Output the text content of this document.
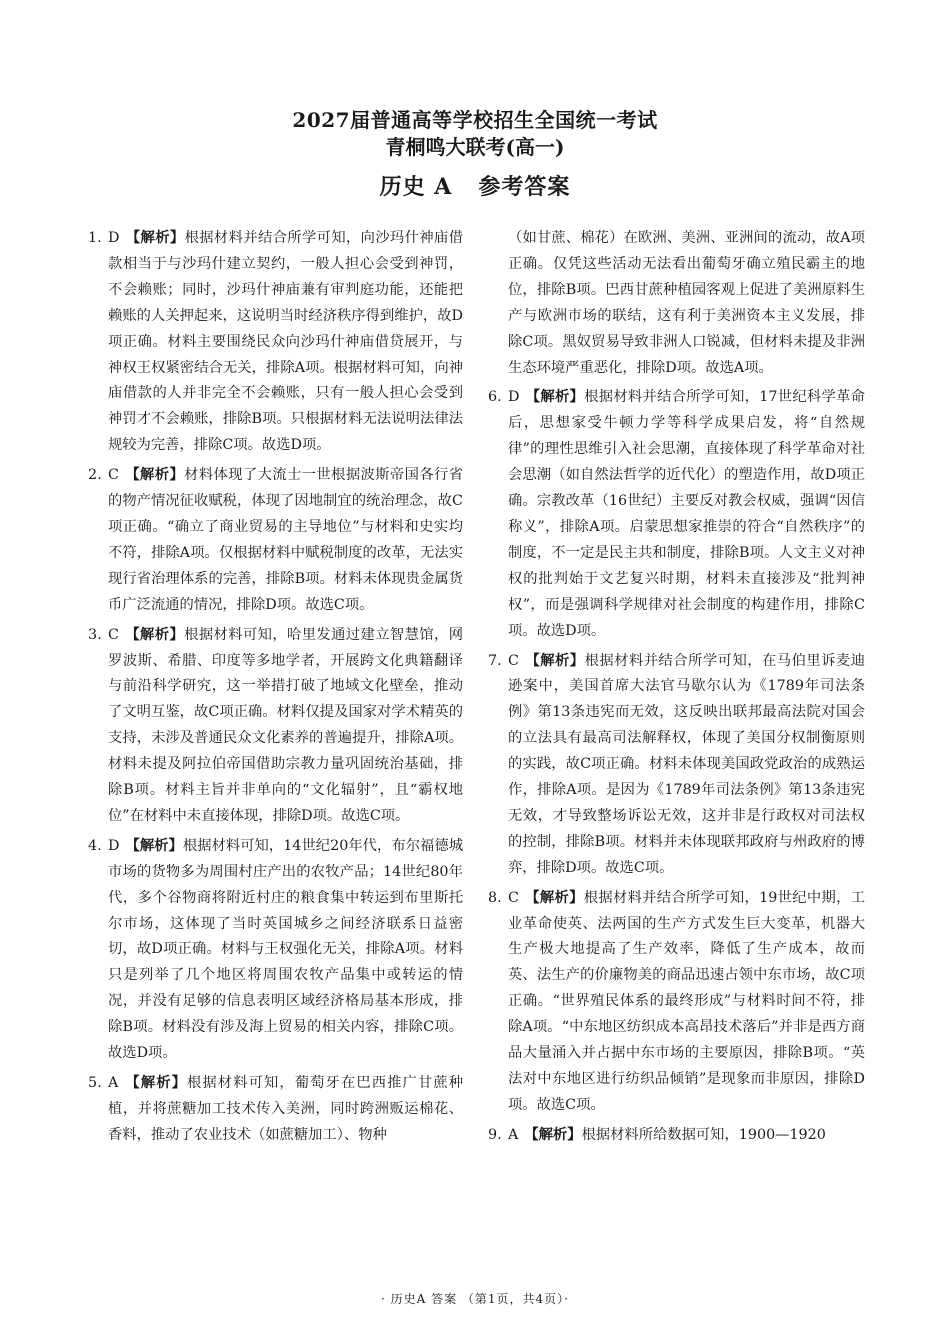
2027届普通高等学校招生全国统一考试
青桐鸣大联考(高一)
历史 A 参考答案
1. D 【解析】根据材料并结合所学可知，向沙玛什神庙借款相当于与沙玛什建立契约，一般人担心会受到神罚，不会赖账；同时，沙玛什神庙兼有审判庭功能，还能把赖账的人关押起来，这说明当时经济秩序得到维护，故D项正确。材料主要围绕民众向沙玛什神庙借贷展开，与神权王权紧密结合无关，排除A项。根据材料可知，向神庙借款的人并非完全不会赖账，只有一般人担心会受到神罚才不会赖账，排除B项。只根据材料无法说明法律法规较为完善，排除C项。故选D项。
2. C 【解析】材料体现了大流士一世根据波斯帝国各行省的物产情况征收赋税，体现了因地制宜的统治理念，故C项正确。“确立了商业贸易的主导地位”与材料和史实均不符，排除A项。仅根据材料中赋税制度的改革，无法实现行省治理体系的完善，排除B项。材料未体现贵金属货币广泛流通的情况，排除D项。故选C项。
3. C 【解析】根据材料可知，哈里发通过建立智慧馆，网罗波斯、希腊、印度等多地学者，开展跨文化典籍翻译与前沿科学研究，这一举措打破了地域文化壁垒，推动了文明互鉴，故C项正确。材料仅提及国家对学术精英的支持，未涉及普通民众文化素养的普遍提升，排除A项。材料未提及阿拉伯帝国借助宗教力量巩固统治基础，排除B项。材料主旨并非单向的“文化辐射”，且“霸权地位”在材料中未直接体现，排除D项。故选C项。
4. D 【解析】根据材料可知，14世纪20年代，布尔福德城市场的货物多为周围村庄产出的农牧产品；14世纪80年代，多个谷物商将附近村庄的粮食集中转运到布里斯托尔市场，这体现了当时英国城乡之间经济联系日益密切，故D项正确。材料与王权强化无关，排除A项。材料只是列举了几个地区将周围农牧产品集中或转运的情况，并没有足够的信息表明区域经济格局基本形成，排除B项。材料没有涉及海上贸易的相关内容，排除C项。故选D项。
5. A 【解析】根据材料可知，葡萄牙在巴西推广甘蔗种植，并将蔗糖加工技术传入美洲，同时跨洲贩运棉花、香料，推动了农业技术（如蔗糖加工）、物种
（如甘蔗、棉花）在欧洲、美洲、亚洲间的流动，故A项正确。仅凭这些活动无法看出葡萄牙确立殖民霸主的地位，排除B项。巴西甘蔗种植园客观上促进了美洲原料生产与欧洲市场的联结，这有利于美洲资本主义发展，排除C项。黑奴贸易导致非洲人口锐减，但材料未提及非洲生态环境严重恶化，排除D项。故选A项。
6. D 【解析】根据材料并结合所学可知，17世纪科学革命后，思想家受牛顿力学等科学成果启发，将“自然规律”的理性思维引入社会思潮，直接体现了科学革命对社会思潮（如自然法哲学的近代化）的塑造作用，故D项正确。宗教改革（16世纪）主要反对教会权威，强调“因信称义”，排除A项。启蒙思想家推崇的符合“自然秩序”的制度，不一定是民主共和制度，排除B项。人文主义对神权的批判始于文艺复兴时期，材料未直接涉及“批判神权”，而是强调科学规律对社会制度的构建作用，排除C项。故选D项。
7. C 【解析】根据材料并结合所学可知，在马伯里诉麦迪逊案中，美国首席大法官马歇尔认为《1789年司法条例》第13条违宪而无效，这反映出联邦最高法院对国会的立法具有最高司法解释权，体现了美国分权制衡原则的实践，故C项正确。材料未体现美国政党政治的成熟运作，排除A项。是因为《1789年司法条例》第13条违宪无效，才导致整场诉讼无效，这并非是行政权对司法权的控制，排除B项。材料并未体现联邦政府与州政府的博弈，排除D项。故选C项。
8. C 【解析】根据材料并结合所学可知，19世纪中期，工业革命使英、法两国的生产方式发生巨大变革，机器大生产极大地提高了生产效率，降低了生产成本，故而英、法生产的价廉物美的商品迅速占领中东市场，故C项正确。“世界殖民体系的最终形成”与材料时间不符，排除A项。“中东地区纺织成本高昂技术落后”并非是西方商品大量涌入并占据中东市场的主要原因，排除B项。“英法对中东地区进行纺织品倾销”是现象而非原因，排除D项。故选C项。
9. A 【解析】根据材料所给数据可知，1900—1920
· 历史A 答案 （第1页，共4页）·
